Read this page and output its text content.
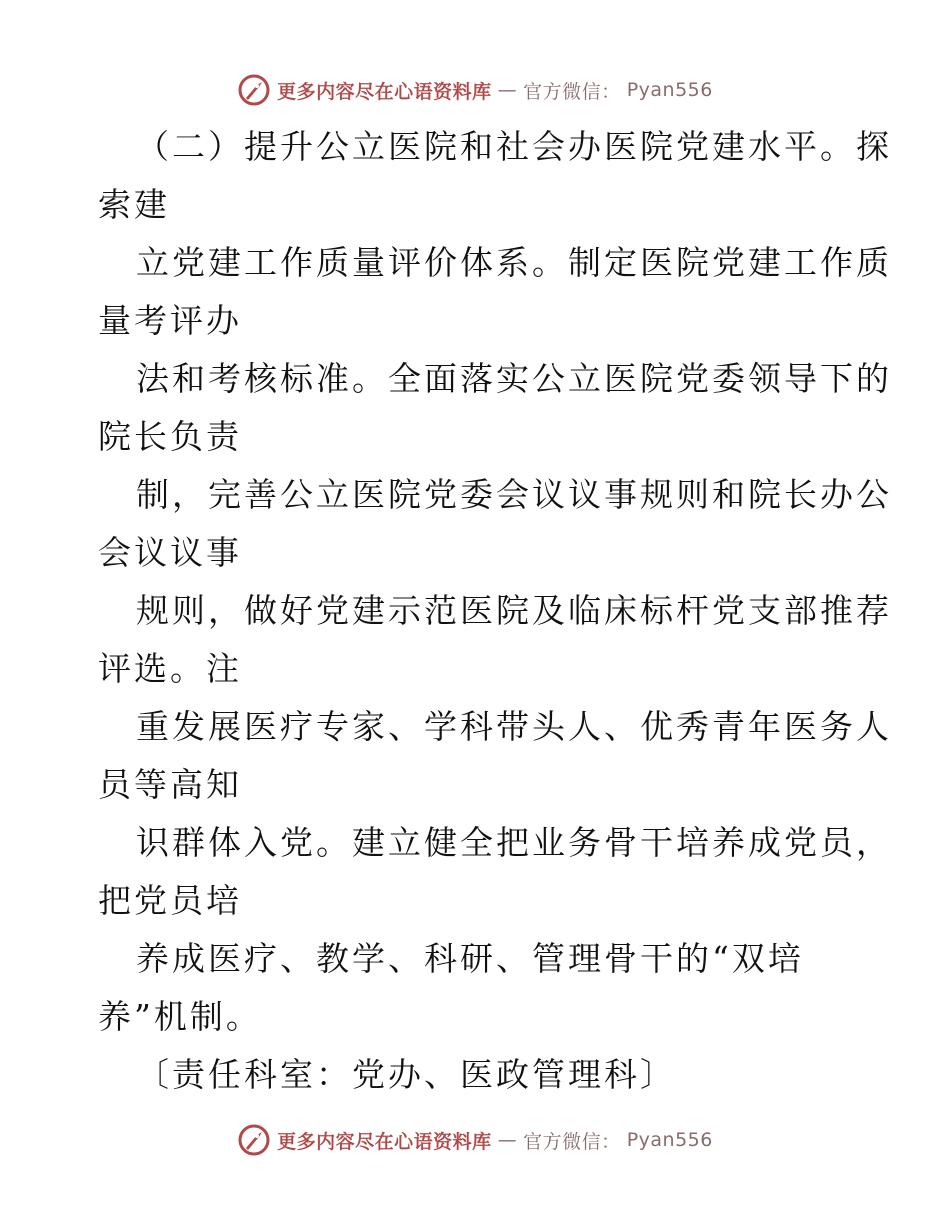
更多内容尽在心语资料库 — 官方微信： Pyan556

（二）提升公立医院和社会办医院党建水平。探
索建

立党建工作质量评价体系。制定医院党建工作质
量考评办

法和考核标准。全面落实公立医院党委领导下的
院长负责

制，完善公立医院党委会议议事规则和院长办公
会议议事

规则，做好党建示范医院及临床标杆党支部推荐
评选。注

重发展医疗专家、学科带头人、优秀青年医务人
员等高知

识群体入党。建立健全把业务骨干培养成党员，
把党员培

养成医疗、教学、科研、管理骨干的“双培
养”机制。

〔责任科室：党办、医政管理科〕

更多内容尽在心语资料库 — 官方微信： Pyan556
